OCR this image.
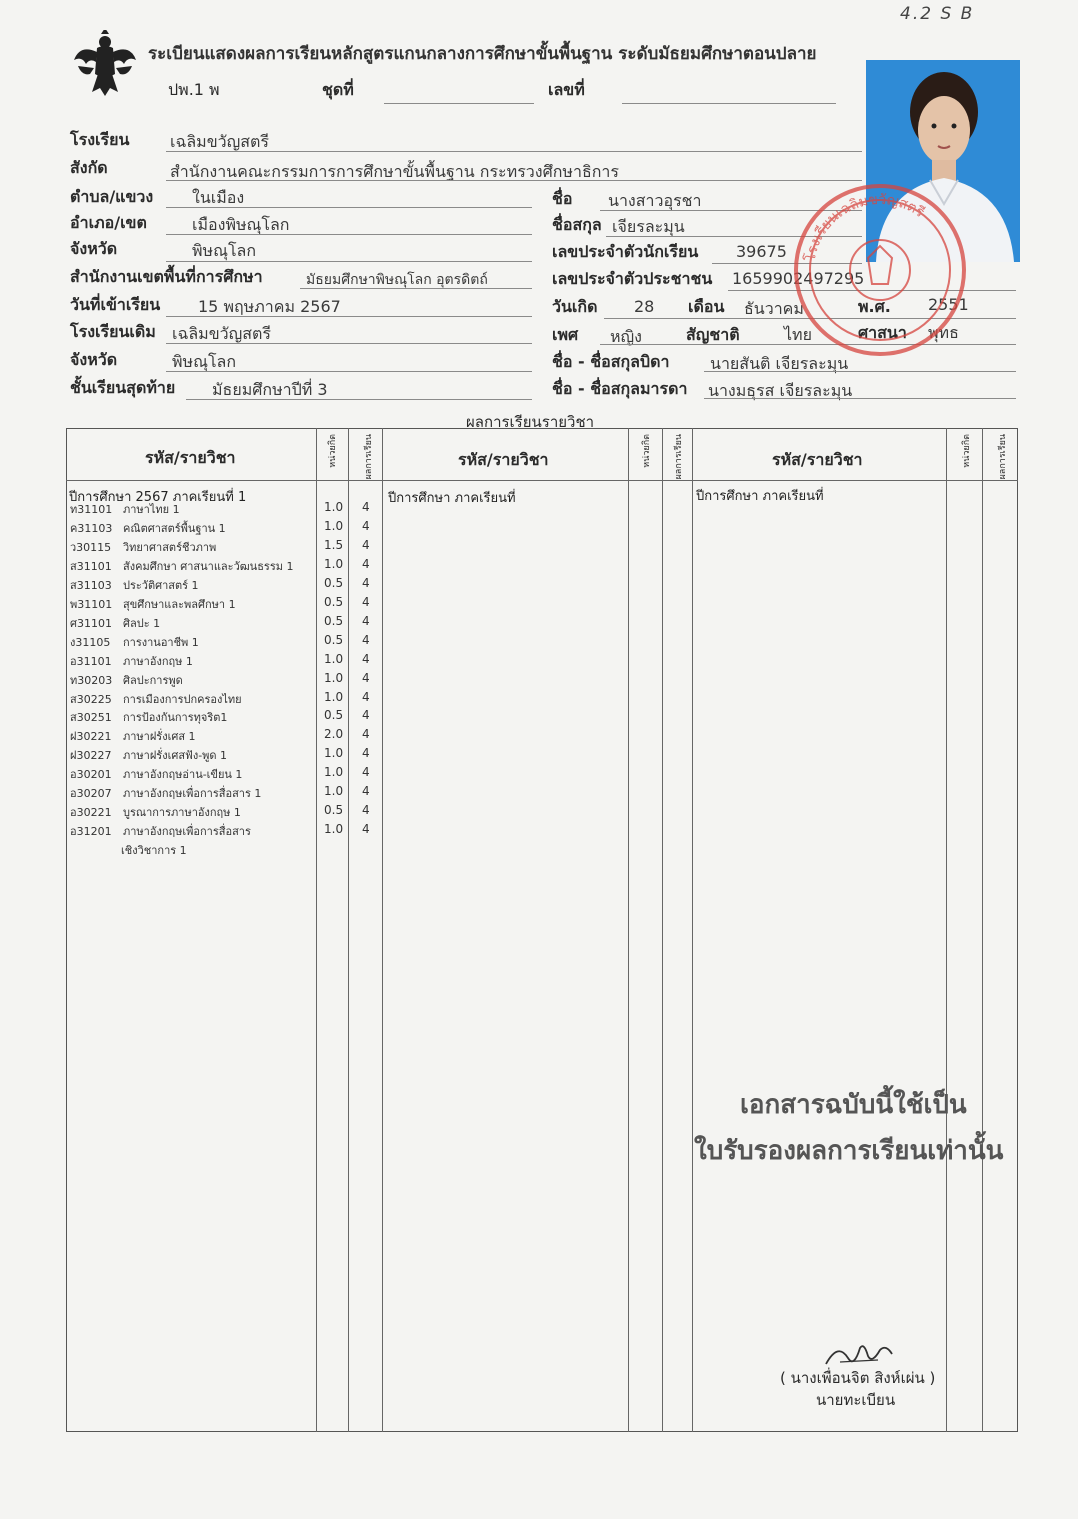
4.2 S B
ระเบียนแสดงผลการเรียนหลักสูตรแกนกลางการศึกษาขั้นพื้นฐาน ระดับมัธยมศึกษาตอนปลาย
ปพ.1 พ	ชุดที่	เลขที่
โรงเรียน	เฉลิมขวัญสตรี
สังกัด	สำนักงานคณะกรรมการการศึกษาขั้นพื้นฐาน กระทรวงศึกษาธิการ
ตำบล/แขวง ในเมือง
อำเภอ/เขต	เมืองพิษณุโลก
จังหวัด	พิษณุโลก
สำนักงานเขตพื้นที่การศึกษา	มัธยมศึกษาพิษณุโลก อุตรดิตถ์
วันที่เข้าเรียน 15 พฤษภาคม 2567
โรงเรียนเดิม เฉลิมขวัญสตรี
จังหวัด	พิษณุโลก
ชั้นเรียนสุดท้าย มัธยมศึกษาปีที่ 3
ชื่อ นางสาวอุรชา
ชื่อสกุล เจียรละมุน
เลขประจำตัวนักเรียน 39675
เลขประจำตัวประชาชน 1659902497295
วันเกิด 28 เดือน ธันวาคม	พ.ศ. 2551
เพศ หญิง	สัญชาติ	ไทย	ศาสนา พุทธ
ชื่อ - ชื่อสกุลบิดา	นายสันติ เจียรละมุน
ชื่อ - ชื่อสกุลมารดา นางมธุรส เจียรละมุน
โรงเรียนเฉลิมขวัญสตรี
ผลการเรียนรายวิชา
รหัส/รายวิชา	รหัส/รายวิชา	รหัส/รายวิชา
หน่วยกิต	ผลการเรียน	หน่วยกิต ผลการเรียน	หน่วยกิต	ผลการเรียน
ปีการศึกษา 2567 ภาคเรียนที่ 1	ปีการศึกษา ภาคเรียนที่	ปีการศึกษา ภาคเรียนที่
ท31101 ภาษาไทย 1	1.0 4
ค31103 คณิตศาสตร์พื้นฐาน 1	1.0 4
ว30115 วิทยาศาสตร์ชีวภาพ	1.5 4
ส31101 สังคมศึกษา ศาสนาและวัฒนธรรม 1	1.0 4
ส31103 ประวัติศาสตร์ 1	0.5 4
พ31101 สุขศึกษาและพลศึกษา 1	0.5 4
ศ31101 ศิลปะ 1	0.5 4
ง31105 การงานอาชีพ 1	0.5 4
อ31101 ภาษาอังกฤษ 1	1.0 4
ท30203 ศิลปะการพูด	1.0 4
ส30225 การเมืองการปกครองไทย	1.0 4
ส30251 การป้องกันการทุจริต1	0.5 4
ฝ30221 ภาษาฝรั่งเศส 1	2.0 4
ฝ30227 ภาษาฝรั่งเศสฟัง-พูด 1	1.0 4
อ30201 ภาษาอังกฤษอ่าน-เขียน 1	1.0 4
อ30207 ภาษาอังกฤษเพื่อการสื่อสาร 1	1.0 4
อ30221 บูรณาการภาษาอังกฤษ 1	0.5 4
อ31201 ภาษาอังกฤษเพื่อการสื่อสาร	1.0 4
เชิงวิชาการ 1
เอกสารฉบับนี้ใช้เป็น
ใบรับรองผลการเรียนเท่านั้น
( นางเพื่อนจิต สิงห์เผ่น )
นายทะเบียน
